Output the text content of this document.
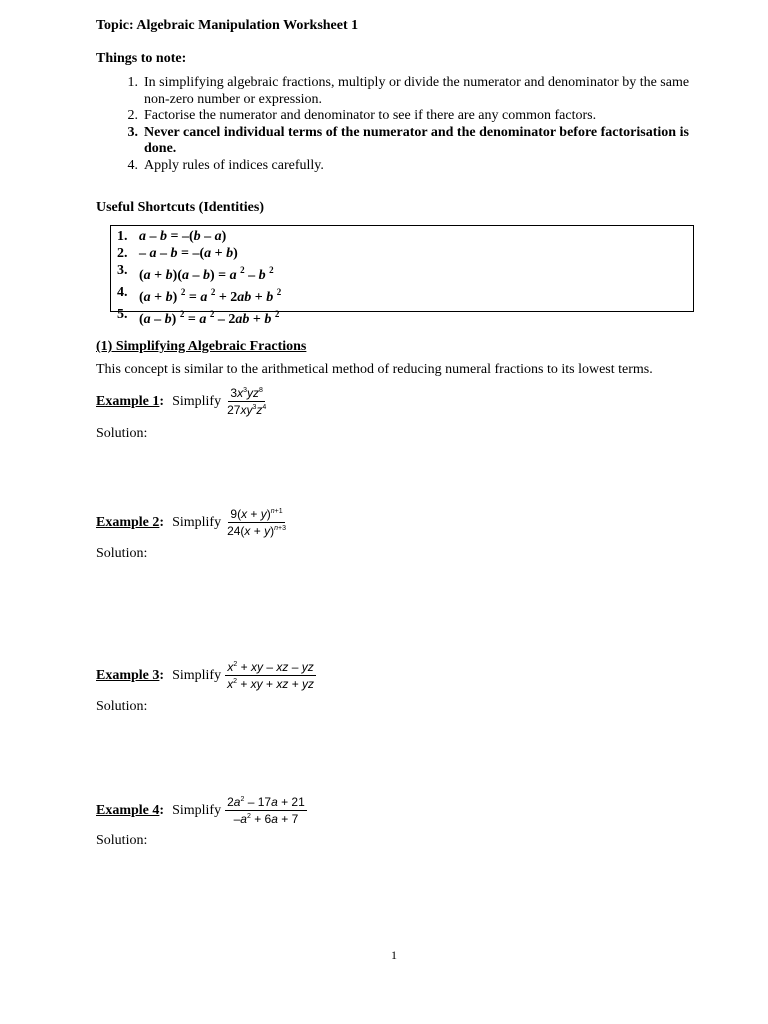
Topic: Algebraic Manipulation Worksheet 1
Things to note:
1. In simplifying algebraic fractions, multiply or divide the numerator and denominator by the same non-zero number or expression.
2. Factorise the numerator and denominator to see if there are any common factors.
3. Never cancel individual terms of the numerator and the denominator before factorisation is done.
4. Apply rules of indices carefully.
Useful Shortcuts (Identities)
1. a – b = –(b – a)
2. – a – b = –(a + b)
3. (a + b)(a – b) = a $^2$ – b $^2$
4. (a + b) $^2$ = a $^2$ + 2ab + b $^2$
5. (a – b) $^2$ = a $^2$ – 2ab + b $^2$
(1) Simplifying Algebraic Fractions
This concept is similar to the arithmetical method of reducing numeral fractions to its lowest terms.
Example 1 : Simplify $\frac{3x^3yz^8}{27xy^3z^4}$
Solution:
Example 2 : Simplify $\frac{9(x + y)^{n+1}}{24(x + y)^{n+3}}$
Solution:
Example 3 : Simplify $\frac{x^2 + xy - xz - yz}{x^2 + xy + xz + yz}$
Solution:
Example 4 : Simplify $\frac{2a^2 - 17a + 21}{-a^2 + 6a + 7}$
Solution:
1
